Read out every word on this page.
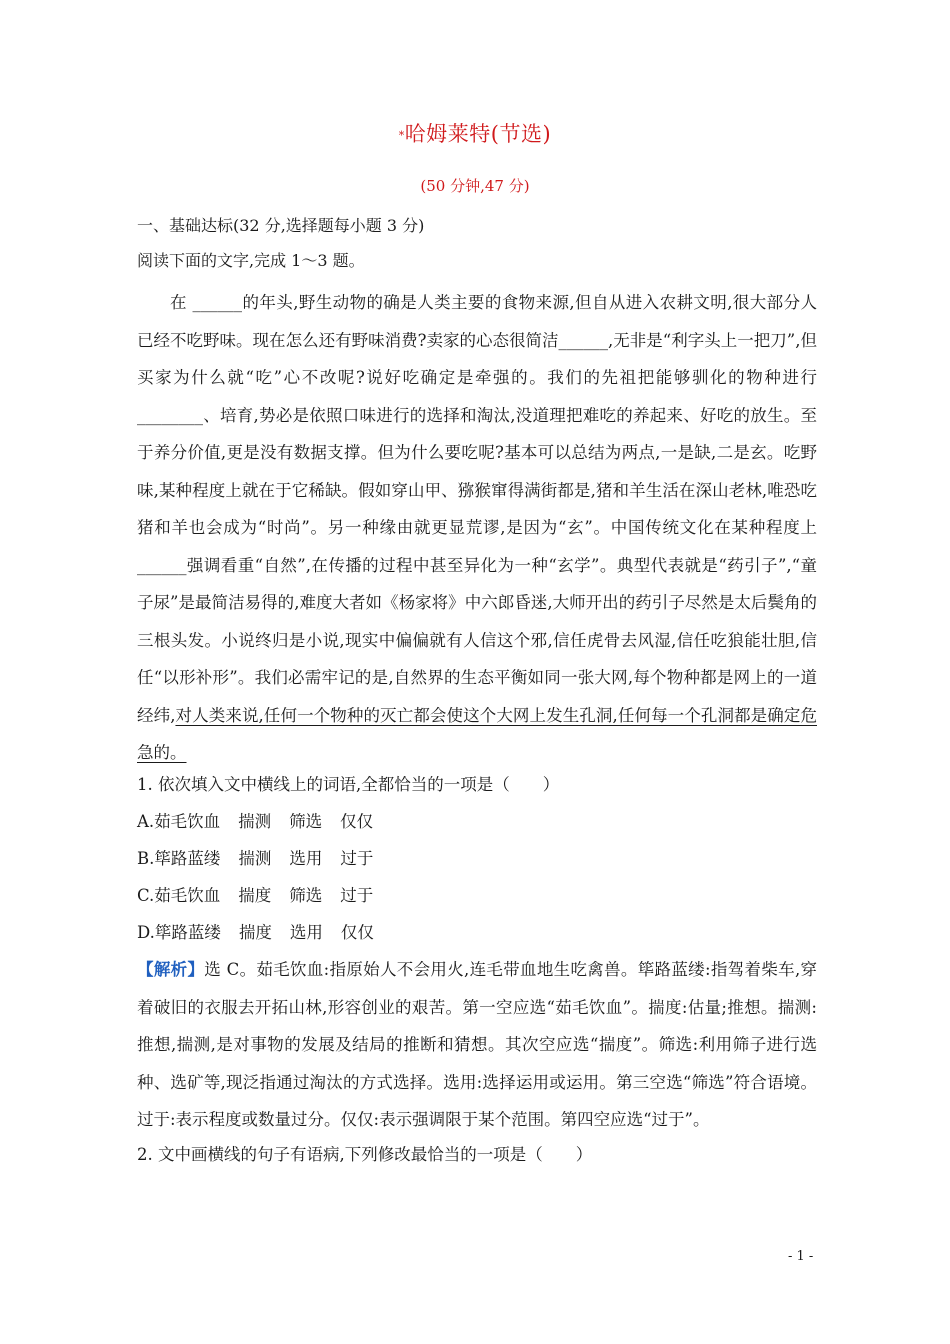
*哈姆莱特(节选)
(50 分钟,47 分)
一、基础达标(32 分,选择题每小题 3 分)
阅读下面的文字,完成 1～3 题。
在 ______的年头,野生动物的确是人类主要的食物来源,但自从进入农耕文明,很大部分人已经不吃野味。现在怎么还有野味消费?卖家的心态很简洁______,无非是“利字头上一把刀”,但买家为什么就“吃”心不改呢?说好吃确定是牵强的。我们的先祖把能够驯化的物种进行________、培育,势必是依照口味进行的选择和淘汰,没道理把难吃的养起来、好吃的放生。至于养分价值,更是没有数据支撑。但为什么要吃呢?基本可以总结为两点,一是缺,二是玄。吃野味,某种程度上就在于它稀缺。假如穿山甲、猕猴窜得满街都是,猪和羊生活在深山老林,唯恐吃猪和羊也会成为“时尚”。另一种缘由就更显荒谬,是因为“玄”。中国传统文化在某种程度上______强调看重“自然”,在传播的过程中甚至异化为一种“玄学”。典型代表就是“药引子”,“童子尿”是最简洁易得的,难度大者如《杨家将》中六郎昏迷,大师开出的药引子尽然是太后鬓角的三根头发。小说终归是小说,现实中偏偏就有人信这个邪,信任虎骨去风湿,信任吃狼能壮胆,信任“以形补形”。我们必需牢记的是,自然界的生态平衡如同一张大网,每个物种都是网上的一道经纬,对人类来说,任何一个物种的灭亡都会使这个大网上发生孔洞,任何每一个孔洞都是确定危急的。
1. 依次填入文中横线上的词语,全都恰当的一项是（　　）
A.茹毛饮血 揣测 筛选 仅仅
B.筚路蓝缕 揣测 选用 过于
C.茹毛饮血 揣度 筛选 过于
D.筚路蓝缕 揣度 选用 仅仅
【解析】选 C。茹毛饮血:指原始人不会用火,连毛带血地生吃禽兽。筚路蓝缕:指驾着柴车,穿着破旧的衣服去开拓山林,形容创业的艰苦。第一空应选“茹毛饮血”。揣度:估量;推想。揣测:推想,揣测,是对事物的发展及结局的推断和猜想。其次空应选“揣度”。筛选:利用筛子进行选种、选矿等,现泛指通过淘汰的方式选择。选用:选择运用或运用。第三空选“筛选”符合语境。过于:表示程度或数量过分。仅仅:表示强调限于某个范围。第四空应选“过于”。
2. 文中画横线的句子有语病,下列修改最恰当的一项是（　　）
- 1 -
